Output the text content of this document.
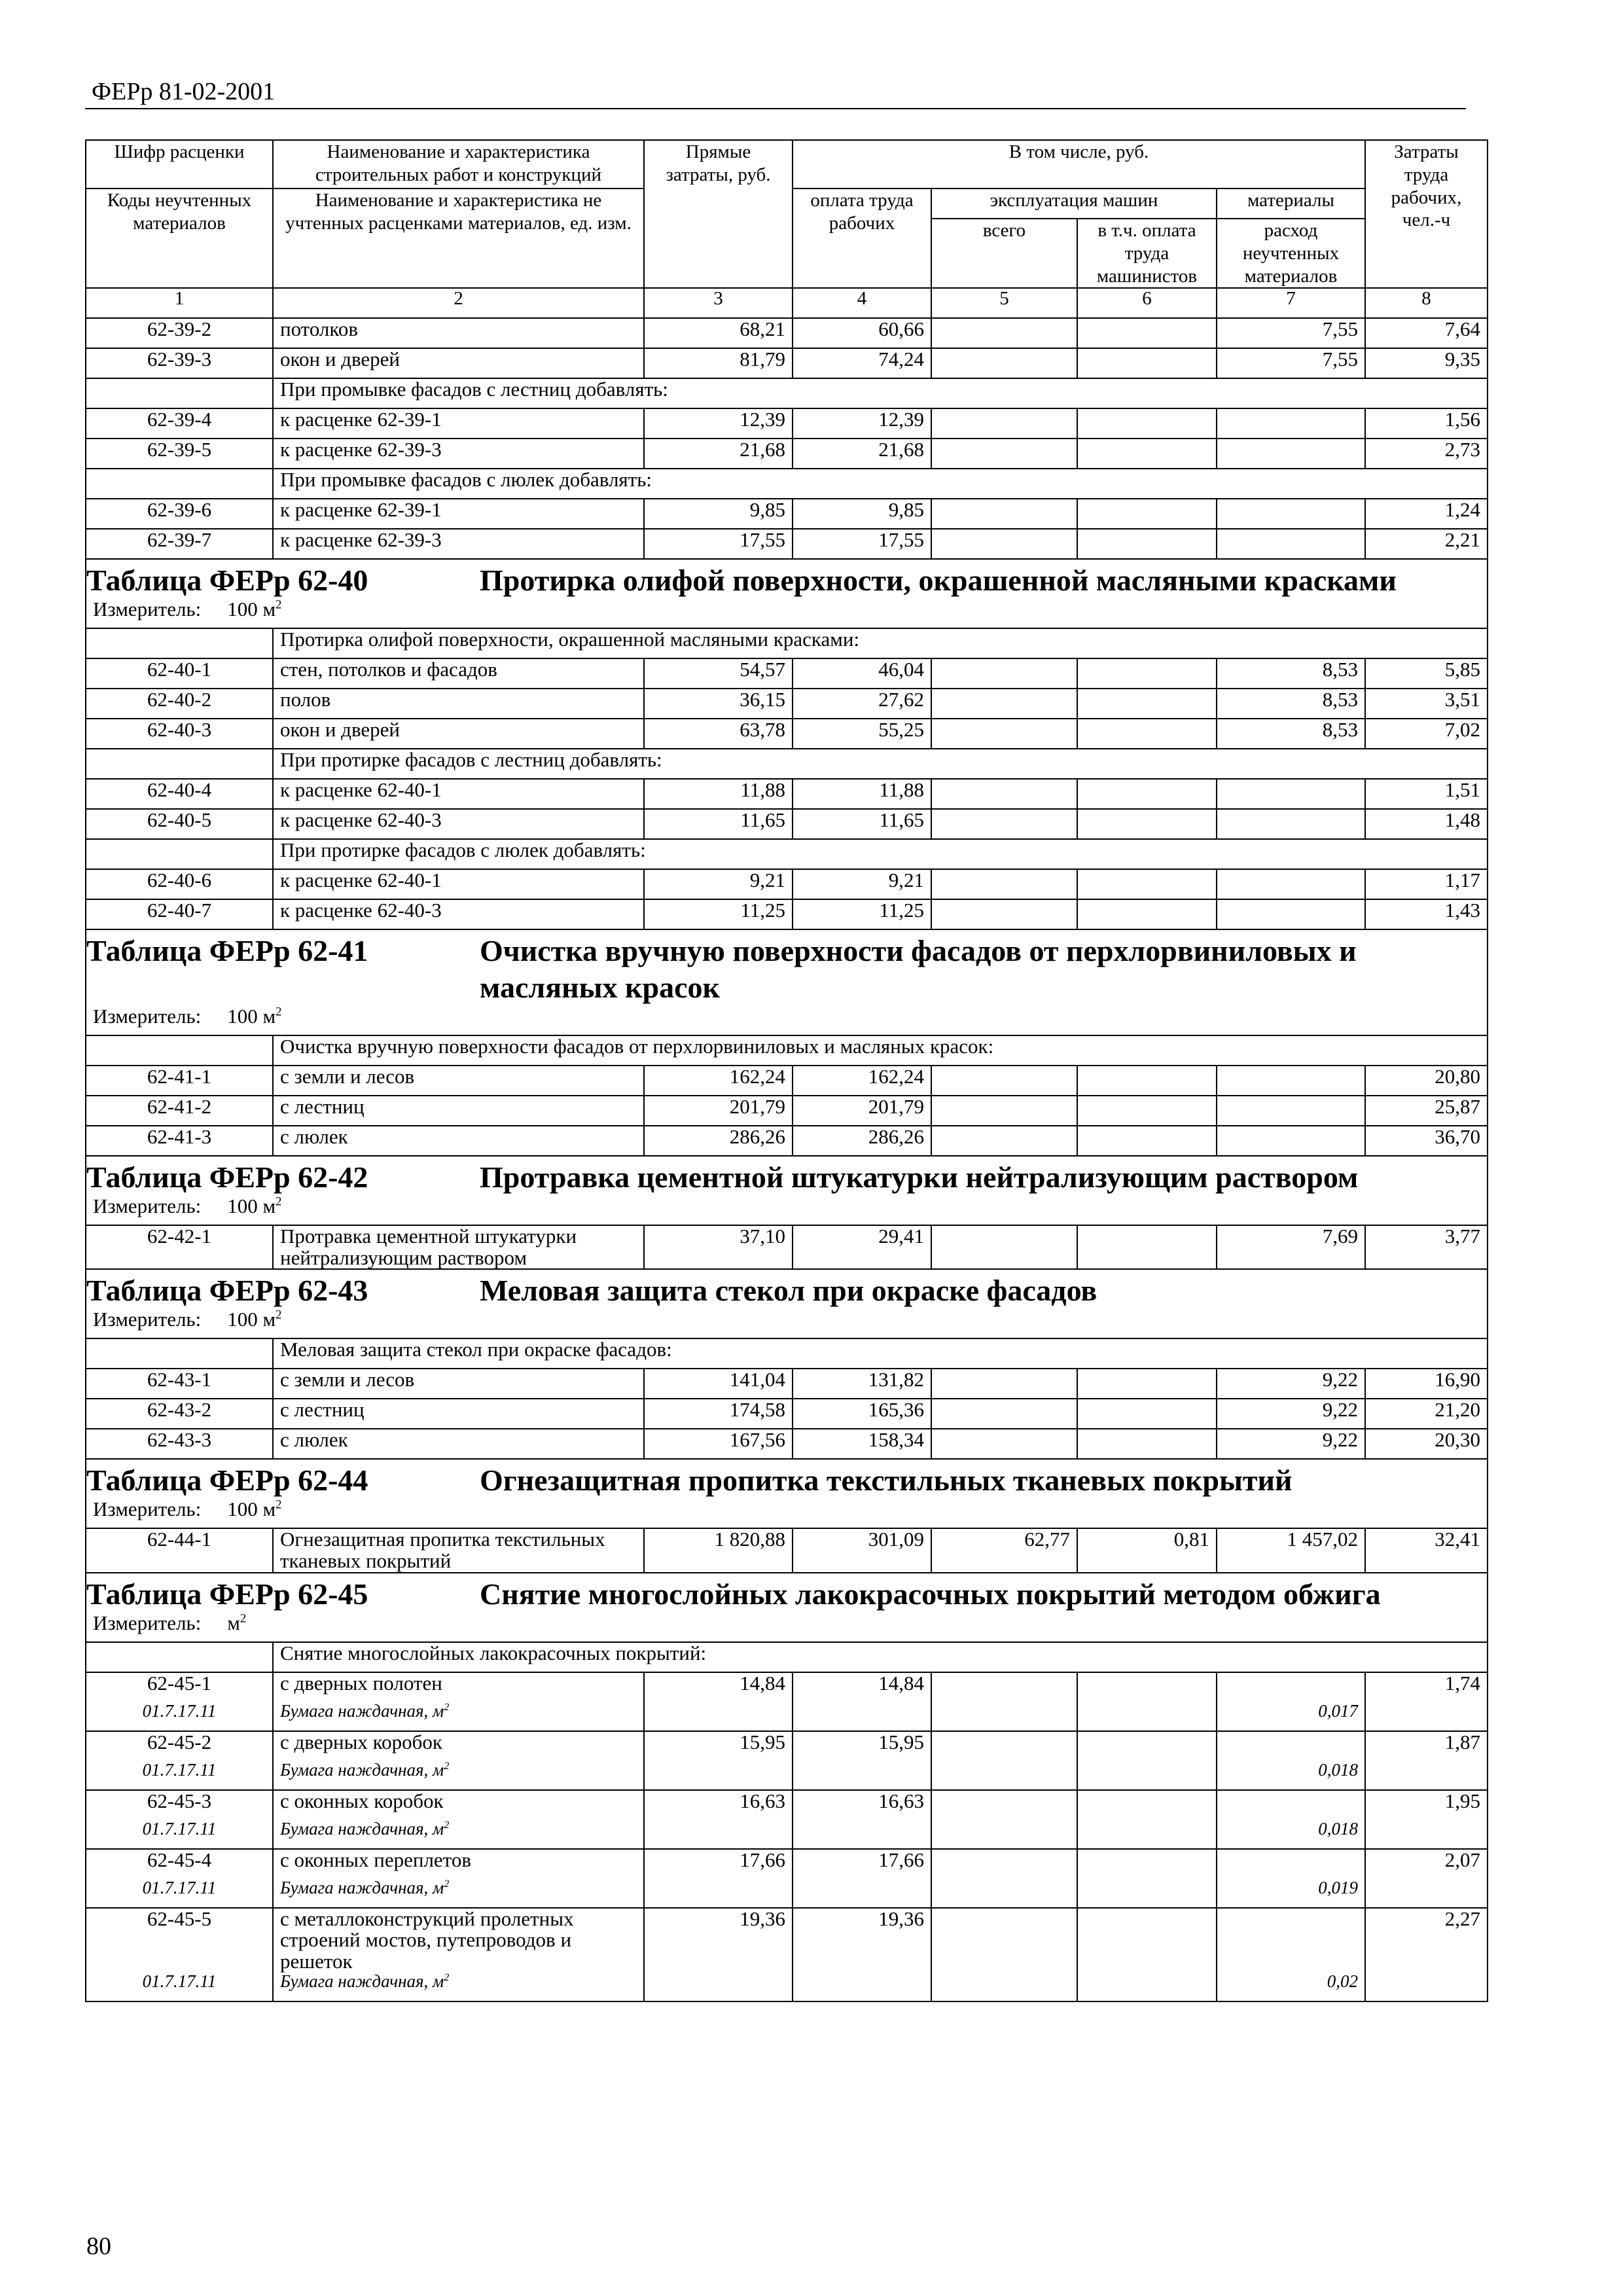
ФЕРр 81-02-2001
Шифр расценки	Наименование и характеристика строительных работ и конструкций	Прямые затраты, руб.	В том числе, руб.				Затраты труда рабочих, чел.-ч
Коды неучтенных материалов	Наименование и характеристика не учтенных расценками материалов, ед. изм.		оплата труда рабочих	эксплуатация машин		материалы	
				всего	в т.ч. оплата труда машинистов	расход неучтенных материалов	
1	2	3	4	5	6	7	8
62-39-2	потолков	68,21	60,66			7,55	7,64
62-39-3	окон и дверей	81,79	74,24			7,55	9,35
	При промывке фасадов с лестниц добавлять:						
62-39-4	к расценке 62-39-1	12,39	12,39				1,56
62-39-5	к расценке 62-39-3	21,68	21,68				2,73
	При промывке фасадов с люлек добавлять:						
62-39-6	к расценке 62-39-1	9,85	9,85				1,24
62-39-7	к расценке 62-39-3	17,55	17,55				2,21

Таблица ФЕРр 62-40 Протирка олифой поверхности, окрашенной масляными красками							

Измеритель: 100 $м^2$
	Протирка олифой поверхности, окрашенной масляными красками:						
62-40-1	стен, потолков и фасадов	54,57	46,04			8,53	5,85
62-40-2	полов	36,15	27,62			8,53	3,51
62-40-3	окон и дверей	63,78	55,25			8,53	7,02
	При протирке фасадов с лестниц добавлять:						
62-40-4	к расценке 62-40-1	11,88	11,88				1,51
62-40-5	к расценке 62-40-3	11,65	11,65				1,48
	При протирке фасадов с люлек добавлять:						
62-40-6	к расценке 62-40-1	9,21	9,21				1,17
62-40-7	к расценке 62-40-3	11,25	11,25				1,43

Таблица ФЕРр 62-41 Очистка вручную поверхности фасадов от перхлорвиниловых и масляных красок							

Измеритель: 100 $м^2$
	Очистка вручную поверхности фасадов от перхлорвиниловых и масляных красок:						
62-41-1	с земли и лесов	162,24	162,24				20,80
62-41-2	с лестниц	201,79	201,79				25,87
62-41-3	с люлек	286,26	286,26				36,70

Таблица ФЕРр 62-42 Протравка цементной штукатурки нейтрализующим раствором							

Измеритель: 100 $м^2$
62-42-1	Протравка цементной штукатурки нейтрализующим раствором	37,10	29,41			7,69	3,77

Таблица ФЕРр 62-43 Меловая защита стекол при окраске фасадов							

Измеритель: 100 $м^2$
	Меловая защита стекол при окраске фасадов:						
62-43-1	с земли и лесов	141,04	131,82			9,22	16,90
62-43-2	с лестниц	174,58	165,36			9,22	21,20
62-43-3	с люлек	167,56	158,34			9,22	20,30

Таблица ФЕРр 62-44 Огнезащитная пропитка текстильных тканевых покрытий							

Измеритель: 100 $м^2$
62-44-1	Огнезащитная пропитка текстильных тканевых покрытий	1 820,88	301,09	62,77	0,81	1 457,02	32,41

Таблица ФЕРр 62-45 Снятие многослойных лакокрасочных покрытий методом обжига							

Измеритель: $м^2$
	Снятие многослойных лакокрасочных покрытий:						
62-45-1	с дверных полотен	14,84	14,84				1,74
01.7.17.11	Бумага наждачная, $м^2$					0,017	
62-45-2	с дверных коробок	15,95	15,95				1,87
01.7.17.11	Бумага наждачная, $м^2$					0,018	
62-45-3	с оконных коробок	16,63	16,63				1,95
01.7.17.11	Бумага наждачная, $м^2$					0,018	
62-45-4	с оконных переплетов	17,66	17,66				2,07
01.7.17.11	Бумага наждачная, $м^2$					0,019	
62-45-5	с металлоконструкций пролетных строений мостов, путепроводов и решеток	19,36	19,36				2,27
01.7.17.11	Бумага наждачная, $м^2$					0,02	
80
